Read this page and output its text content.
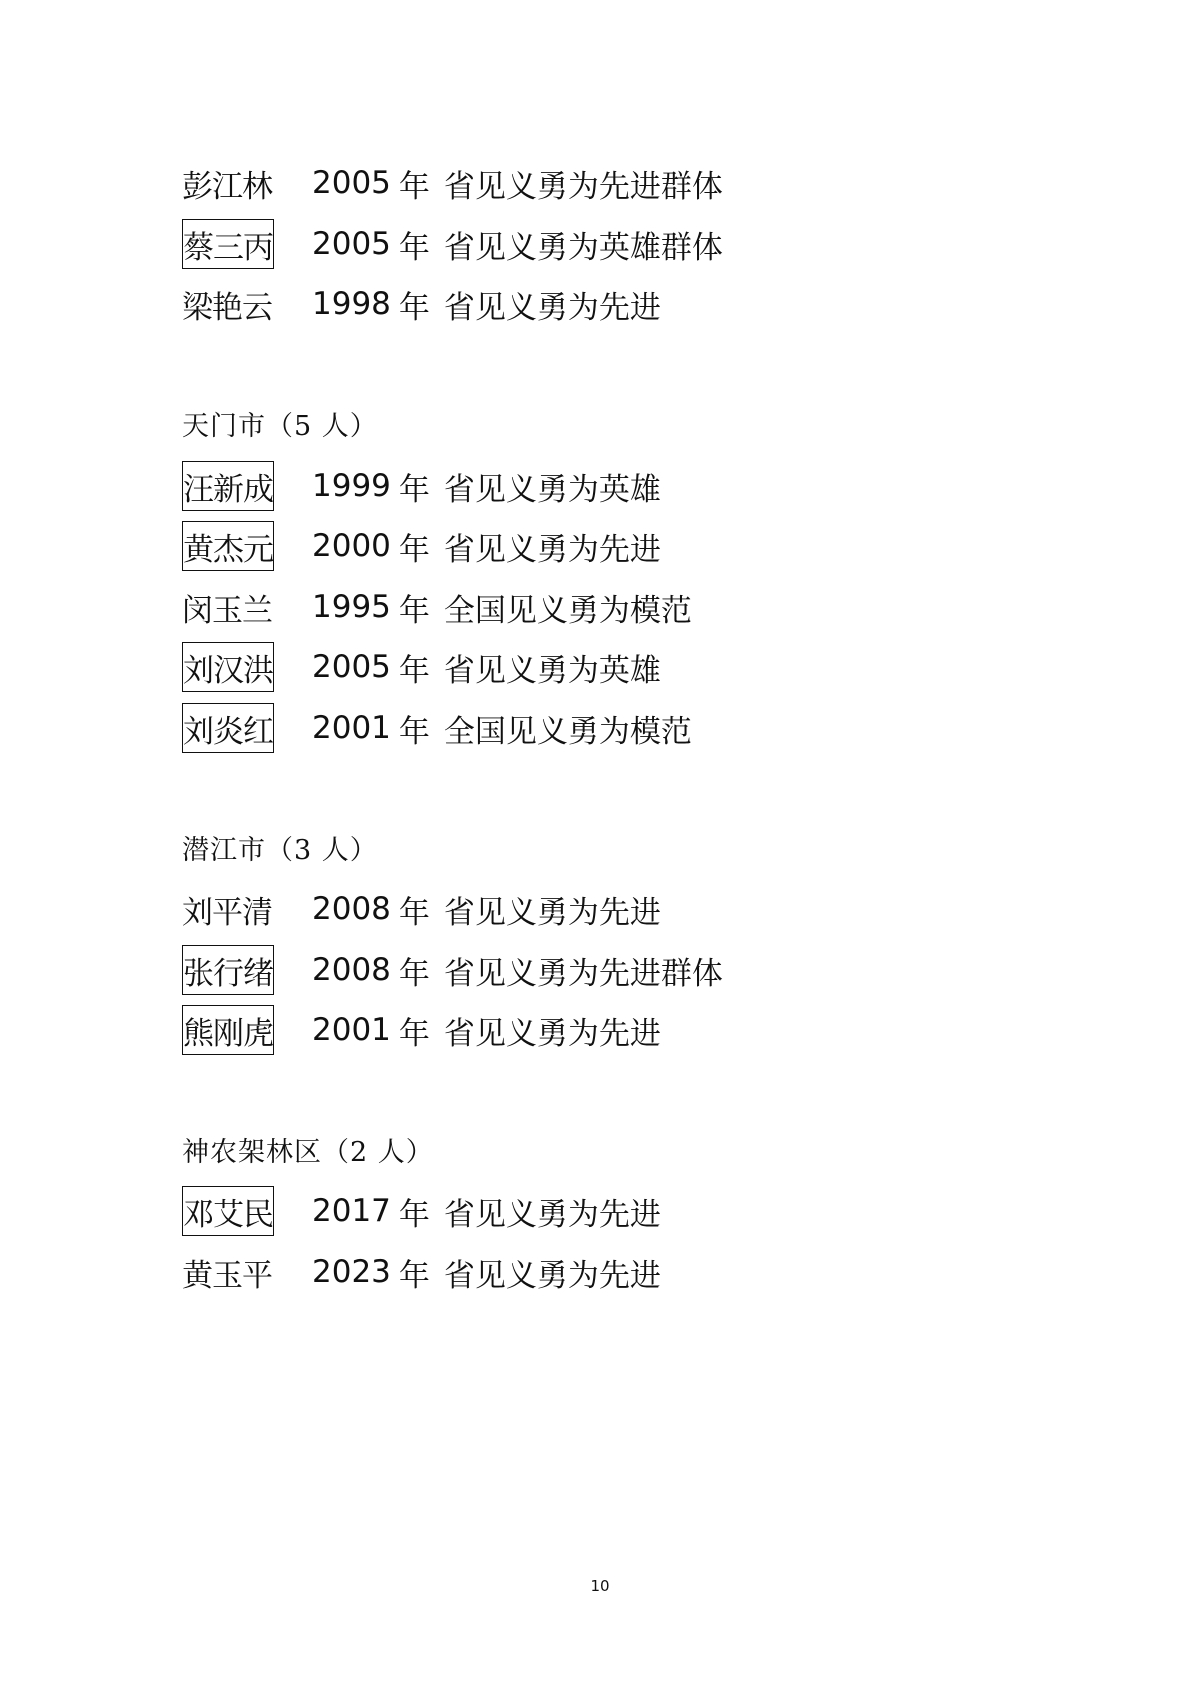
彭江林 2005 年 省见义勇为先进群体
蔡三丙 2005 年 省见义勇为英雄群体
梁艳云 1998 年 省见义勇为先进
天门市（5 人）
汪新成 1999 年 省见义勇为英雄
黄杰元 2000 年 省见义勇为先进
闵玉兰 1995 年 全国见义勇为模范
刘汉洪 2005 年 省见义勇为英雄
刘炎红 2001 年 全国见义勇为模范
潜江市（3 人）
刘平清 2008 年 省见义勇为先进
张行绪 2008 年 省见义勇为先进群体
熊刚虎 2001 年 省见义勇为先进
神农架林区（2 人）
邓艾民 2017 年 省见义勇为先进
黄玉平 2023 年 省见义勇为先进
10
